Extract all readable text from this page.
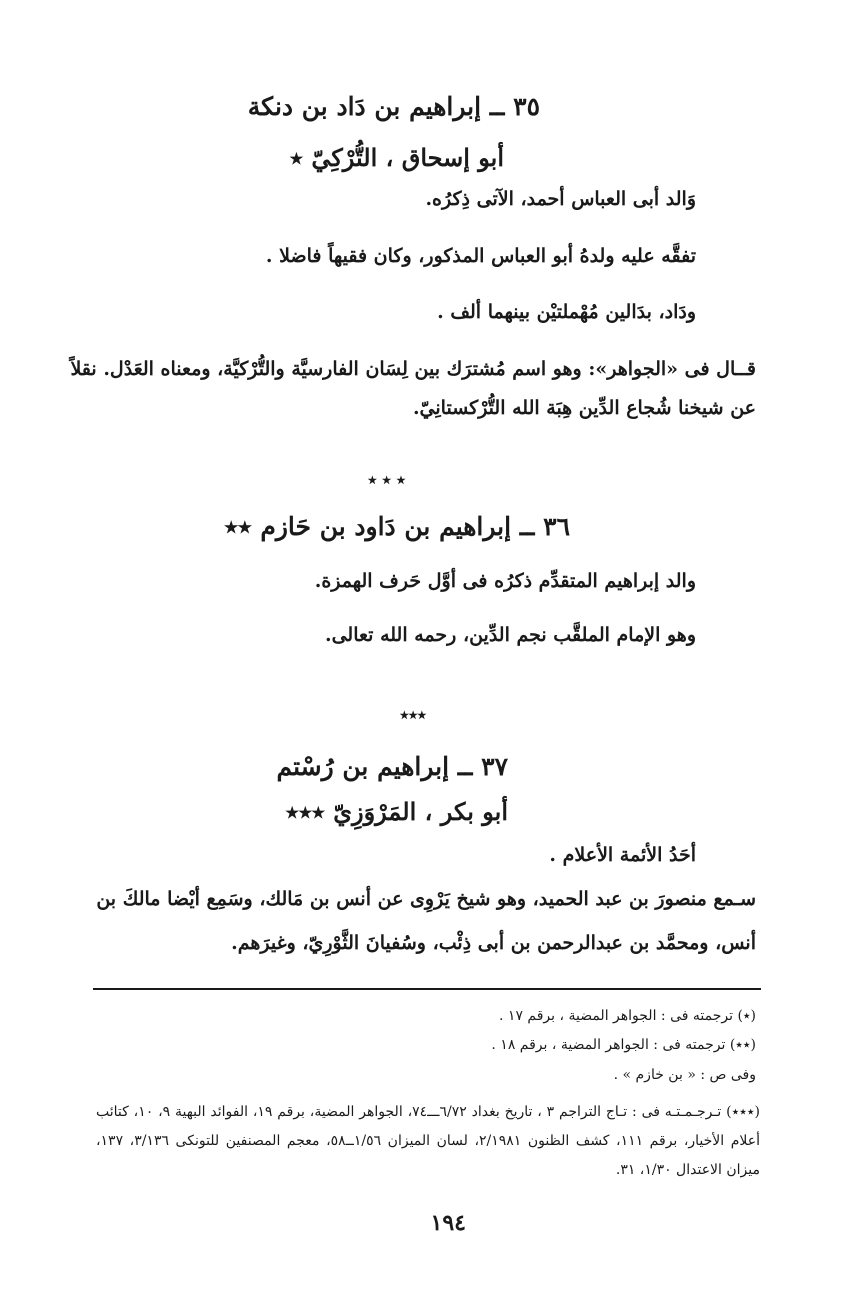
٣٥ ــ إبراهيم بن دَاد بن دنكة
أبو إسحاق ، التُّرْكِيّ ٭
وَالد أبى العباس أحمد، الآتى ذِكرُه.
تفقَّه عليه ولدهُ أبو العباس المذكور، وكان فقيهاً فاضلا .
ودَاد، بدَالين مُهْملتيْن بينهما ألف .
قــال فى «الجواهر»: وهو اسم مُشترَك بين لِسَان الفارسيَّة والتُّرْكيَّة، ومعناه العَدْل. نقلاً
عن شيخنا شُجاع الدِّين هِبَة الله التُّرْكستانِيّ.
٭ ٭ ٭
٣٦ ــ إبراهيم بن دَاود بن حَازم ٭٭
والد إبراهيم المتقدِّم ذكرُه فى أوَّل حَرف الهمزة.
وهو الإمام الملقَّب نجم الدِّين، رحمه الله تعالى.
٭٭٭
٣٧ ــ إبراهيم بن رُسْتم
أبو بكر ، المَرْوَزِيّ ٭٭٭
أحَدُ الأئمة الأعلام .
سـمع منصورَ بن عبد الحميد، وهو شيخ يَرْوِى عن أنس بن مَالك، وسَمِع أيْضا مالكَ بن
أنس، ومحمَّد بن عبدالرحمن بن أبى ذِئْب، وسُفيانَ الثَّوْرِيّ، وغيرَهم.
(٭) ترجمته فى : الجواهر المضية ، برقم ١٧ .
(٭٭) ترجمته فى : الجواهر المضية ، برقم ١٨ .
وفى ص : « بن خازم » .
(٭٭٭) تـرجـمـتـه فى : تـاج التراجم ٣ ، تاريخ بغداد ٦/٧٢ـــ٧٤، الجواهر المضية، برقم ١٩، الفوائد البهية ٩، ١٠، كتائب
أعلام الأخيار، برقم ١١١، كشف الظنون ٢/١٩٨١، لسان الميزان ١/٥٦ــ٥٨، معجم المصنفين للتونكى ٣/١٣٦، ١٣٧،
ميزان الاعتدال ١/٣٠، ٣١.
١٩٤
